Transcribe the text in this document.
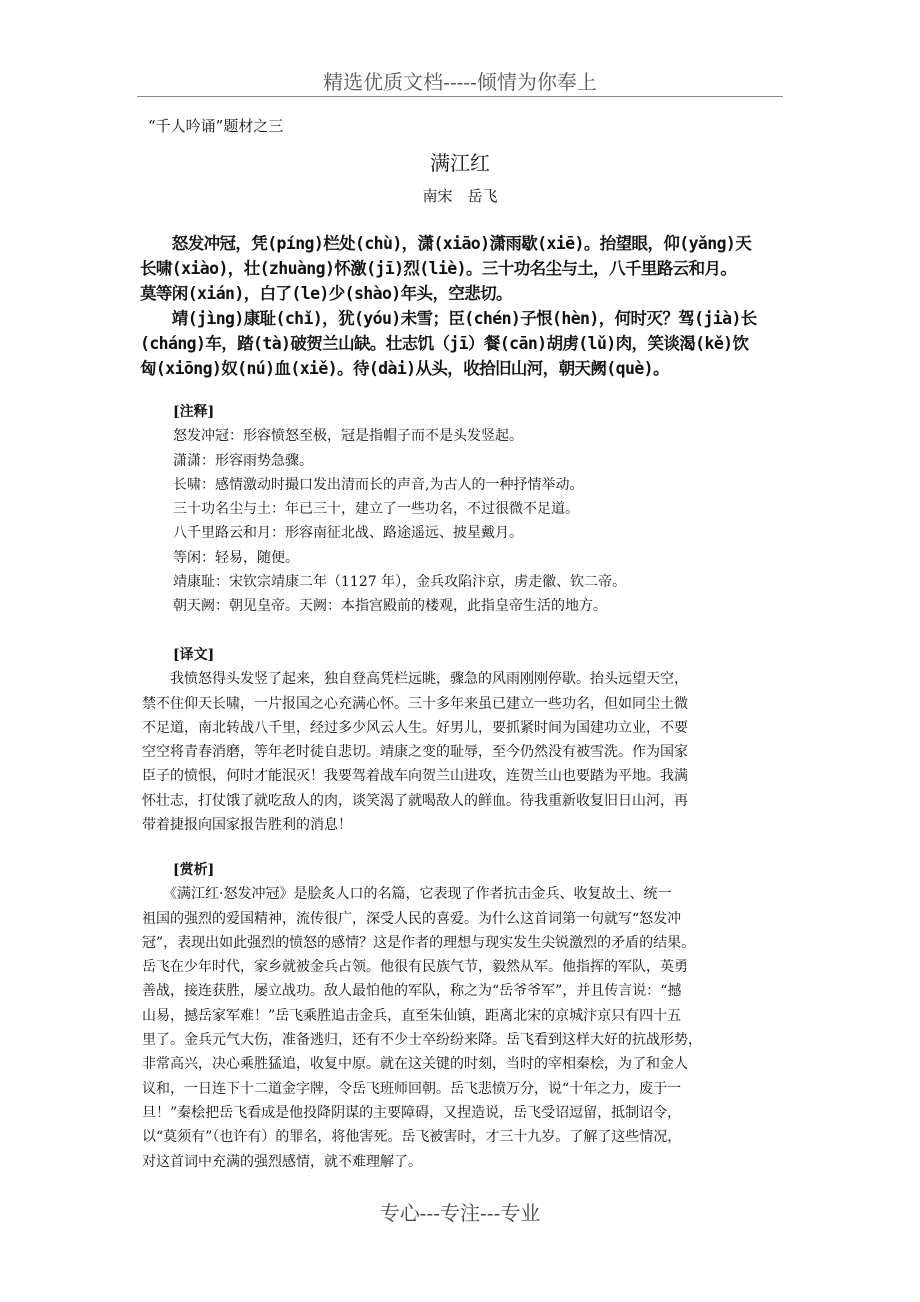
精选优质文档-----倾情为你奉上
“千人吟诵”题材之三
满江红
南宋　岳飞
　　怒发冲冠，凭(píng)栏处(chù)，潇(xiāo)潇雨歇(xiē)。抬望眼，仰(yǎng)天
长啸(xiào)，壮(zhuàng)怀激(jī)烈(liè)。三十功名尘与土，八千里路云和月。
莫等闲(xián)，白了(le)少(shào)年头，空悲切。
　　靖(jìng)康耻(chǐ)，犹(yóu)未雪；臣(chén)子恨(hèn)，何时灭？驾(jià)长
(cháng)车，踏(tà)破贺兰山缺。壮志饥（jī）餐(cān)胡虏(lǔ)肉，笑谈渴(kě)饮
匈(xiōng)奴(nú)血(xiě)。待(dài)从头，收拾旧山河，朝天阙(què)。
[注释]
怒发冲冠：形容愤怒至极，冠是指帽子而不是头发竖起。
潇潇：形容雨势急骤。
长啸：感情激动时撮口发出清而长的声音,为古人的一种抒情举动。
三十功名尘与土：年已三十，建立了一些功名，不过很微不足道。
八千里路云和月：形容南征北战、路途遥远、披星戴月。
等闲：轻易，随便。
靖康耻：宋钦宗靖康二年（1127 年），金兵攻陷汴京，虏走徽、钦二帝。
朝天阙：朝见皇帝。天阙：本指宫殿前的楼观，此指皇帝生活的地方。
[译文]
　　我愤怒得头发竖了起来，独自登高凭栏远眺，骤急的风雨刚刚停歇。抬头远望天空，
禁不住仰天长啸，一片报国之心充满心怀。三十多年来虽已建立一些功名，但如同尘土微
不足道，南北转战八千里，经过多少风云人生。好男儿，要抓紧时间为国建功立业，不要
空空将青春消磨，等年老时徒自悲切。靖康之变的耻辱，至今仍然没有被雪洗。作为国家
臣子的愤恨，何时才能泯灭！我要驾着战车向贺兰山进攻，连贺兰山也要踏为平地。我满
怀壮志，打仗饿了就吃敌人的肉，谈笑渴了就喝敌人的鲜血。待我重新收复旧日山河，再
带着捷报向国家报告胜利的消息！
[赏析]
　　《满江红·怒发冲冠》是脍炙人口的名篇，它表现了作者抗击金兵、收复故土、统一
祖国的强烈的爱国精神，流传很广，深受人民的喜爱。为什么这首词第一句就写“怒发冲
冠”，表现出如此强烈的愤怒的感情？这是作者的理想与现实发生尖锐激烈的矛盾的结果。
岳飞在少年时代，家乡就被金兵占领。他很有民族气节，毅然从军。他指挥的军队，英勇
善战，接连获胜，屡立战功。敌人最怕他的军队，称之为“岳爷爷军”，并且传言说：“撼
山易，撼岳家军难！”岳飞乘胜追击金兵，直至朱仙镇，距离北宋的京城汴京只有四十五
里了。金兵元气大伤，准备逃归，还有不少士卒纷纷来降。岳飞看到这样大好的抗战形势，
非常高兴，决心乘胜猛追，收复中原。就在这关键的时刻，当时的宰相秦桧，为了和金人
议和，一日连下十二道金字牌，令岳飞班师回朝。岳飞悲愤万分，说“十年之力，废于一
旦！”秦桧把岳飞看成是他投降阴谋的主要障碍，又捏造说，岳飞受诏逗留，抵制诏令，
以“莫须有”（也许有）的罪名，将他害死。岳飞被害时，才三十九岁。了解了这些情况，
对这首词中充满的强烈感情，就不难理解了。
专心---专注---专业
